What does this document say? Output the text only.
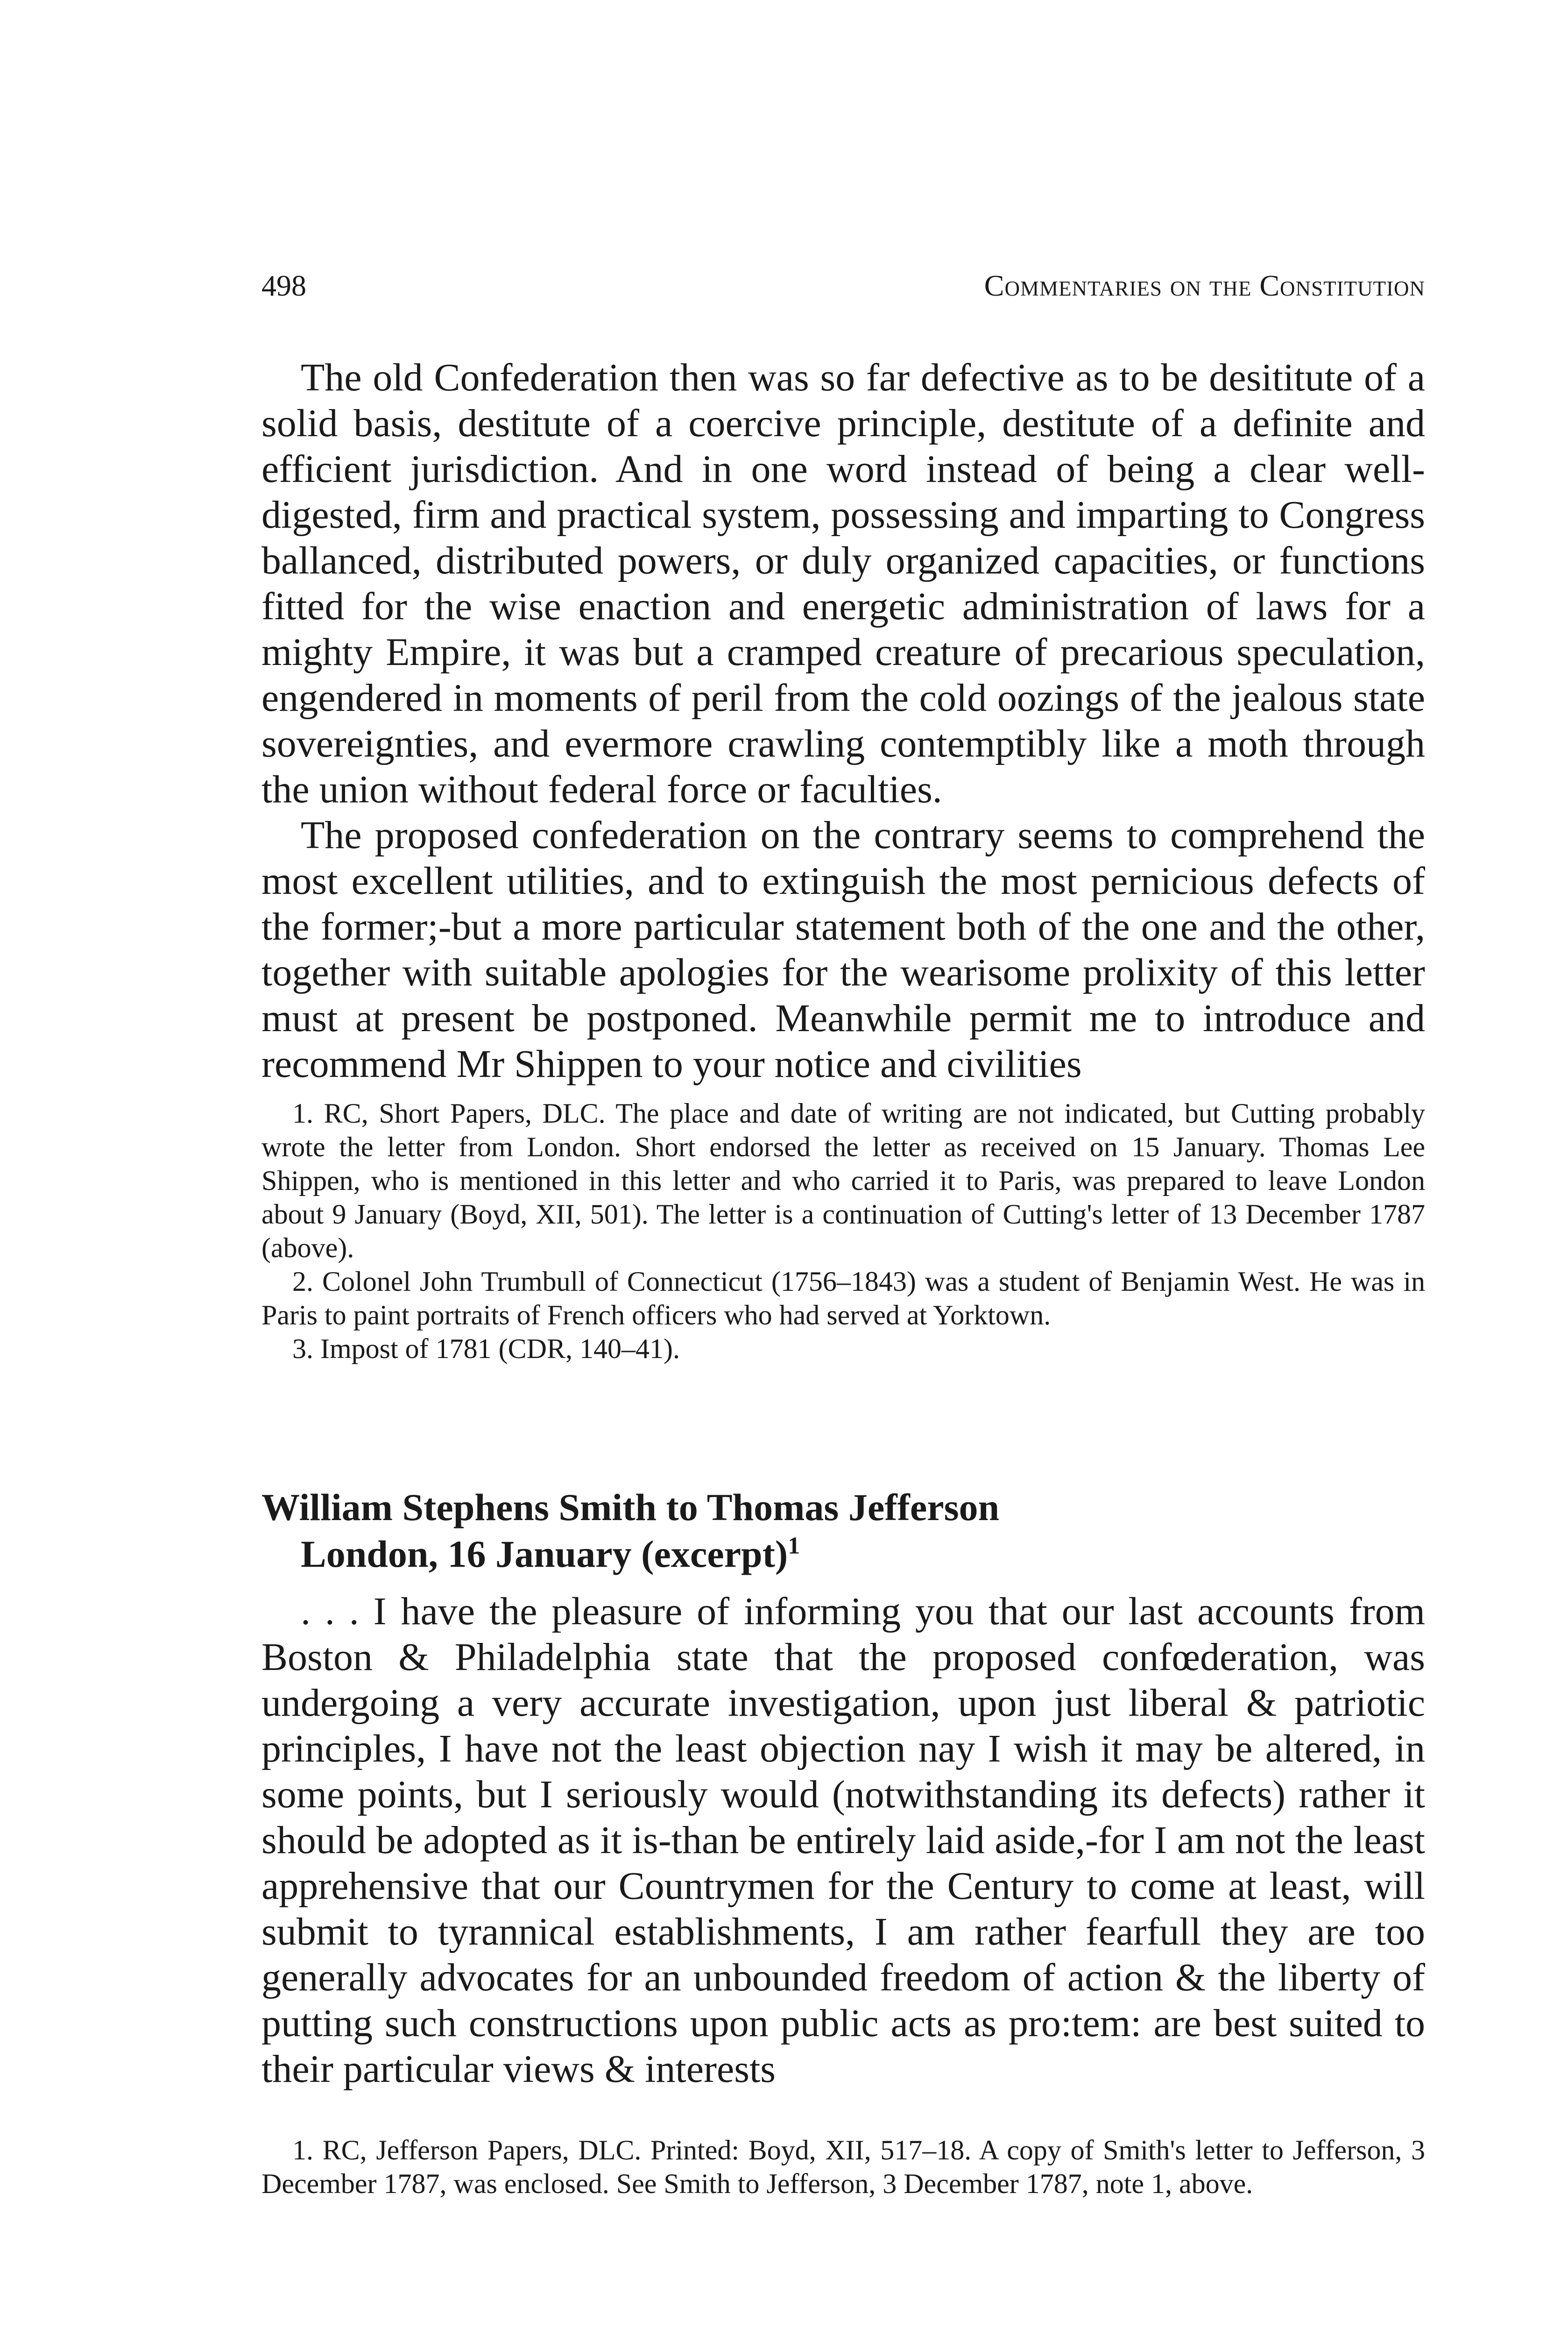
498	Commentaries on the Constitution

The old Confederation then was so far defective as to be desititute of a solid basis, destitute of a coercive principle, destitute of a definite and efficient jurisdiction. And in one word instead of being a clear well-digested, firm and practical system, possessing and imparting to Congress ballanced, distributed powers, or duly organized capacities, or functions fitted for the wise enaction and energetic administration of laws for a mighty Empire, it was but a cramped creature of precarious speculation, engendered in moments of peril from the cold oozings of the jealous state sovereignties, and evermore crawling contemptibly like a moth through the union without federal force or faculties.

The proposed confederation on the contrary seems to comprehend the most excellent utilities, and to extinguish the most pernicious defects of the former;-but a more particular statement both of the one and the other, together with suitable apologies for the wearisome prolixity of this letter must at present be postponed. Meanwhile permit me to introduce and recommend Mr Shippen to your notice and civilities

1. RC, Short Papers, DLC. The place and date of writing are not indicated, but Cutting probably wrote the letter from London. Short endorsed the letter as received on 15 January. Thomas Lee Shippen, who is mentioned in this letter and who carried it to Paris, was prepared to leave London about 9 January (Boyd, XII, 501). The letter is a continuation of Cutting's letter of 13 December 1787 (above).

2. Colonel John Trumbull of Connecticut (1756–1843) was a student of Benjamin West. He was in Paris to paint portraits of French officers who had served at Yorktown.

3. Impost of 1781 (CDR, 140–41).

William Stephens Smith to Thomas Jefferson

London, 16 January (excerpt)$^1$

. . . I have the pleasure of informing you that our last accounts from Boston & Philadelphia state that the proposed confœderation, was undergoing a very accurate investigation, upon just liberal & patriotic principles, I have not the least objection nay I wish it may be altered, in some points, but I seriously would (notwithstanding its defects) rather it should be adopted as it is-than be entirely laid aside,-for I am not the least apprehensive that our Countrymen for the Century to come at least, will submit to tyrannical establishments, I am rather fearfull they are too generally advocates for an unbounded freedom of action & the liberty of putting such constructions upon public acts as pro:tem: are best suited to their particular views & interests

1. RC, Jefferson Papers, DLC. Printed: Boyd, XII, 517–18. A copy of Smith's letter to Jefferson, 3 December 1787, was enclosed. See Smith to Jefferson, 3 December 1787, note 1, above.
